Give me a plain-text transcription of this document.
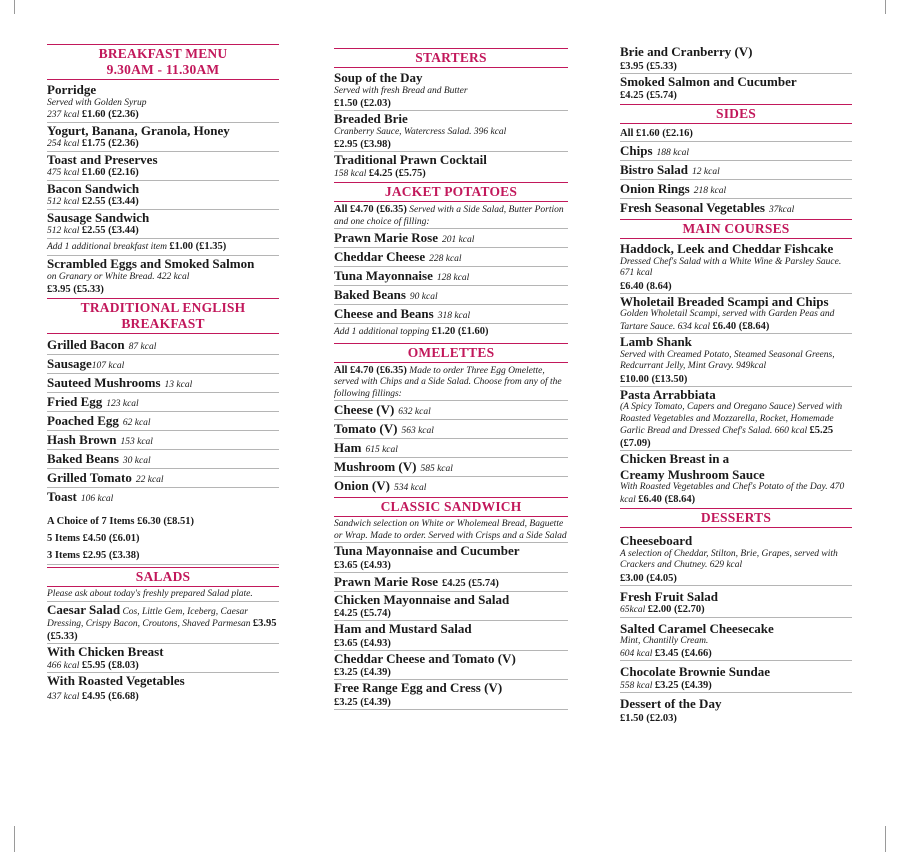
BREAKFAST MENU
9.30AM - 11.30AM
Porridge
Served with Golden Syrup
237 kcal £1.60 (£2.36)
Yogurt, Banana, Granola, Honey
254 kcal £1.75 (£2.36)
Toast and Preserves
475 kcal £1.60 (£2.16)
Bacon Sandwich
512 kcal £2.55 (£3.44)
Sausage Sandwich
512 kcal £2.55 (£3.44)
Add 1 additional breakfast item £1.00 (£1.35)
Scrambled Eggs and Smoked Salmon
on Granary or White Bread. 422 kcal
£3.95 (£5.33)
TRADITIONAL ENGLISH
BREAKFAST
Grilled Bacon 87 kcal
Sausage107 kcal
Sauteed Mushrooms 13 kcal
Fried Egg 123 kcal
Poached Egg 62 kcal
Hash Brown 153 kcal
Baked Beans 30 kcal
Grilled Tomato 22 kcal
Toast 106 kcal
A Choice of 7 Items £6.30 (£8.51)
5 Items £4.50 (£6.01)
3 Items £2.95 (£3.38)
SALADS
Please ask about today's freshly prepared Salad plate.
Caesar Salad Cos, Little Gem, Iceberg, Caesar Dressing, Crispy Bacon, Croutons, Shaved Parmesan £3.95 (£5.33)
With Chicken Breast
466 kcal £5.95 (£8.03)
With Roasted Vegetables
437 kcal £4.95 (£6.68)
STARTERS
Soup of the Day
Served with fresh Bread and Butter
£1.50 (£2.03)
Breaded Brie
Cranberry Sauce, Watercress Salad. 396 kcal
£2.95 (£3.98)
Traditional Prawn Cocktail
158 kcal £4.25 (£5.75)
JACKET POTATOES
All £4.70 (£6.35) Served with a Side Salad, Butter Portion and one choice of filling:
Prawn Marie Rose 201 kcal
Cheddar Cheese 228 kcal
Tuna Mayonnaise 128 kcal
Baked Beans 90 kcal
Cheese and Beans 318 kcal
Add 1 additional topping £1.20 (£1.60)
OMELETTES
All £4.70 (£6.35) Made to order Three Egg Omelette, served with Chips and a Side Salad. Choose from any of the following fillings:
Cheese (V) 632 kcal
Tomato (V) 563 kcal
Ham 615 kcal
Mushroom (V) 585 kcal
Onion (V) 534 kcal
CLASSIC SANDWICH
Sandwich selection on White or Wholemeal Bread, Baguette or Wrap. Made to order. Served with Crisps and a Side Salad
Tuna Mayonnaise and Cucumber
£3.65 (£4.93)
Prawn Marie Rose £4.25 (£5.74)
Chicken Mayonnaise and Salad
£4.25 (£5.74)
Ham and Mustard Salad
£3.65 (£4.93)
Cheddar Cheese and Tomato (V)
£3.25 (£4.39)
Free Range Egg and Cress (V)
£3.25 (£4.39)
Brie and Cranberry (V)
£3.95 (£5.33)
Smoked Salmon and Cucumber
£4.25 (£5.74)
SIDES
All £1.60 (£2.16)
Chips 188 kcal
Bistro Salad 12 kcal
Onion Rings 218 kcal
Fresh Seasonal Vegetables 37kcal
MAIN COURSES
Haddock, Leek and Cheddar Fishcake
Dressed Chef's Salad with a White Wine & Parsley Sauce. 671 kcal
£6.40 (8.64)
Wholetail Breaded Scampi and Chips
Golden Wholetail Scampi, served with Garden Peas and Tartare Sauce. 634 kcal £6.40 (£8.64)
Lamb Shank
Served with Creamed Potato, Steamed Seasonal Greens, Redcurrant Jelly, Mint Gravy. 949kcal
£10.00 (£13.50)
Pasta Arrabbiata
(A Spicy Tomato, Capers and Oregano Sauce) Served with Roasted Vegetables and Mozzarella, Rocket, Homemade Garlic Bread and Dressed Chef's Salad. 660 kcal £5.25 (£7.09)
Chicken Breast in a
Creamy Mushroom Sauce
With Roasted Vegetables and Chef's Potato of the Day. 470 kcal £6.40 (£8.64)
DESSERTS
Cheeseboard
A selection of Cheddar, Stilton, Brie, Grapes, served with Crackers and Chutney. 629 kcal
£3.00 (£4.05)
Fresh Fruit Salad
65kcal £2.00 (£2.70)
Salted Caramel Cheesecake
Mint, Chantilly Cream.
604 kcal £3.45 (£4.66)
Chocolate Brownie Sundae
558 kcal £3.25 (£4.39)
Dessert of the Day
£1.50 (£2.03)
